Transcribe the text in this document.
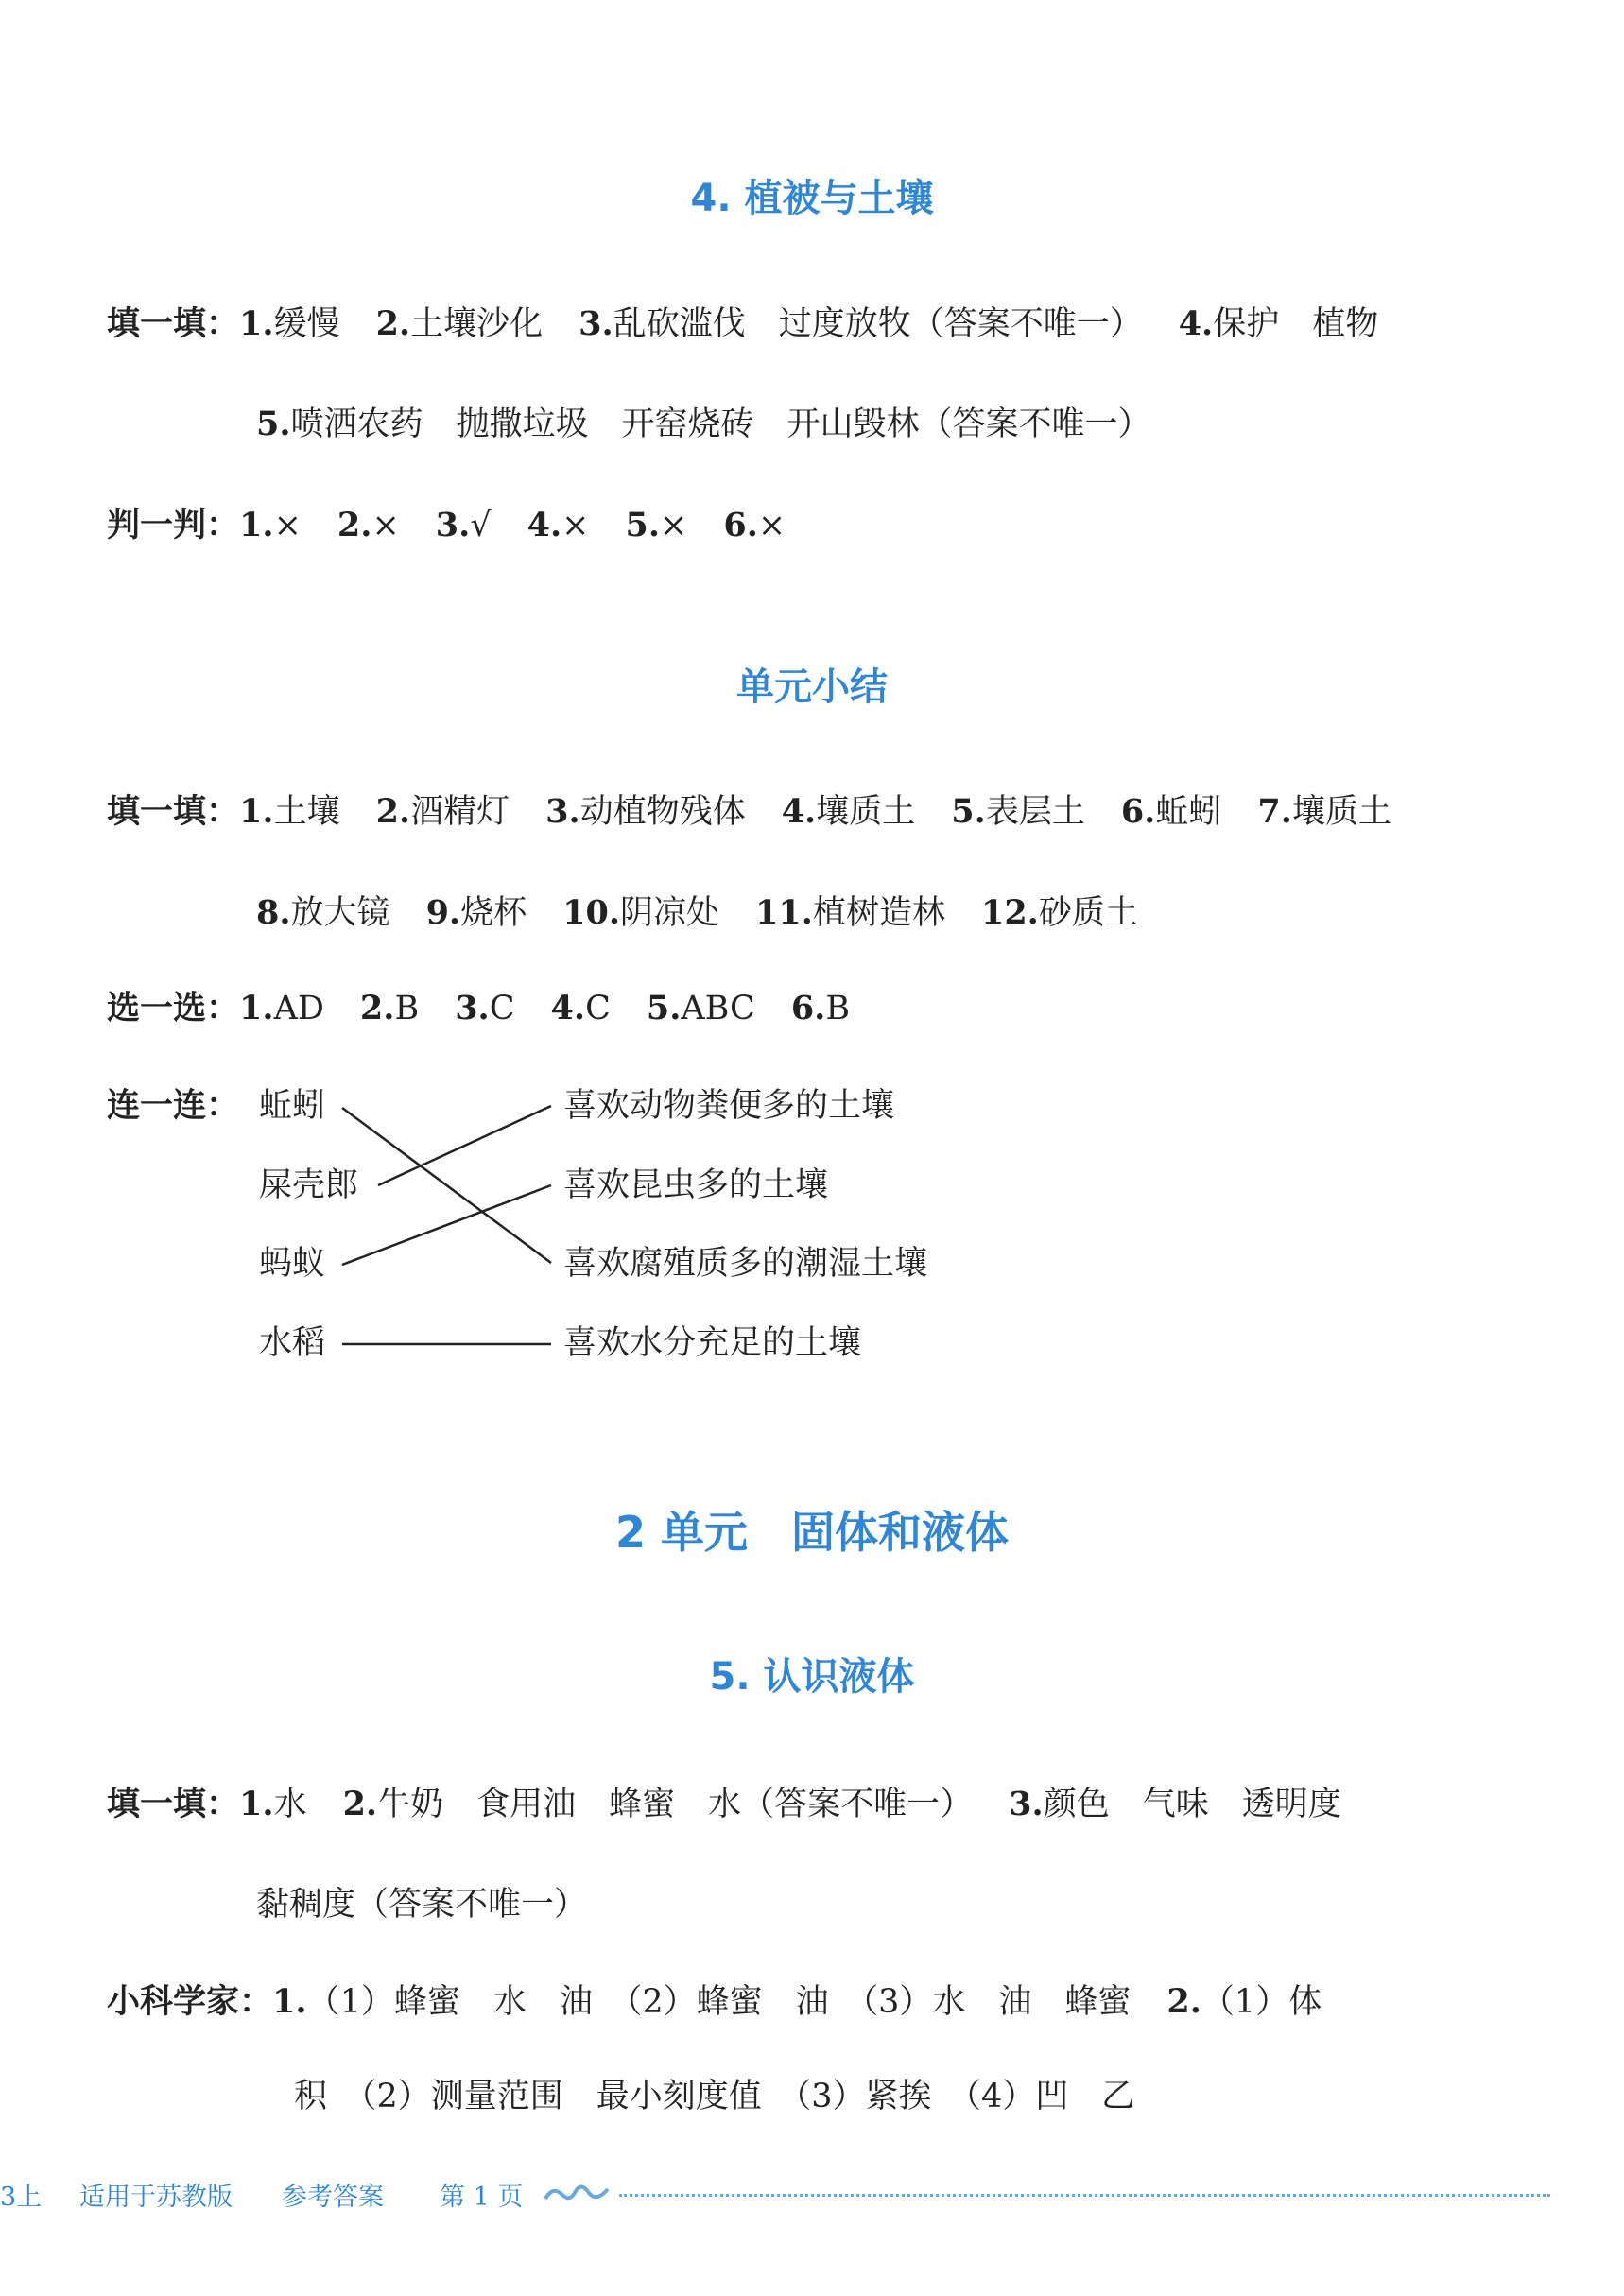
4. 植被与土壤
单元小结
2 单元　固体和液体
5. 认识液体
填一填：1.缓慢 2.土壤沙化 3.乱砍滥伐　过度放牧（答案不唯一） 4.保护　植物
5.喷洒农药　抛撒垃圾　开窑烧砖　开山毁林（答案不唯一）
判一判：1.× 2.× 3.√ 4.× 5.× 6.×
填一填：1.土壤 2.酒精灯 3.动植物残体 4.壤质土 5.表层土 6.蚯蚓 7.壤质土
8.放大镜 9.烧杯 10.阴凉处 11.植树造林 12.砂质土
选一选：1.AD 2.B 3.C 4.C 5.ABC 6.B
连一连： 蚯蚓
屎壳郎
蚂蚁
水稻
喜欢动物粪便多的土壤
喜欢昆虫多的土壤
喜欢腐殖质多的潮湿土壤
喜欢水分充足的土壤
填一填：1.水 2.牛奶　食用油　蜂蜜　水（答案不唯一） 3.颜色　气味　透明度
黏稠度（答案不唯一）
小科学家：1.（1）蜂蜜　水　油　（2）蜂蜜　油　（3）水　油　蜂蜜 2.（1）体
积　（2）测量范围　最小刻度值　（3）紧挨　（4）凹　乙
3上 适用于苏教版 参考答案 第 1 页
